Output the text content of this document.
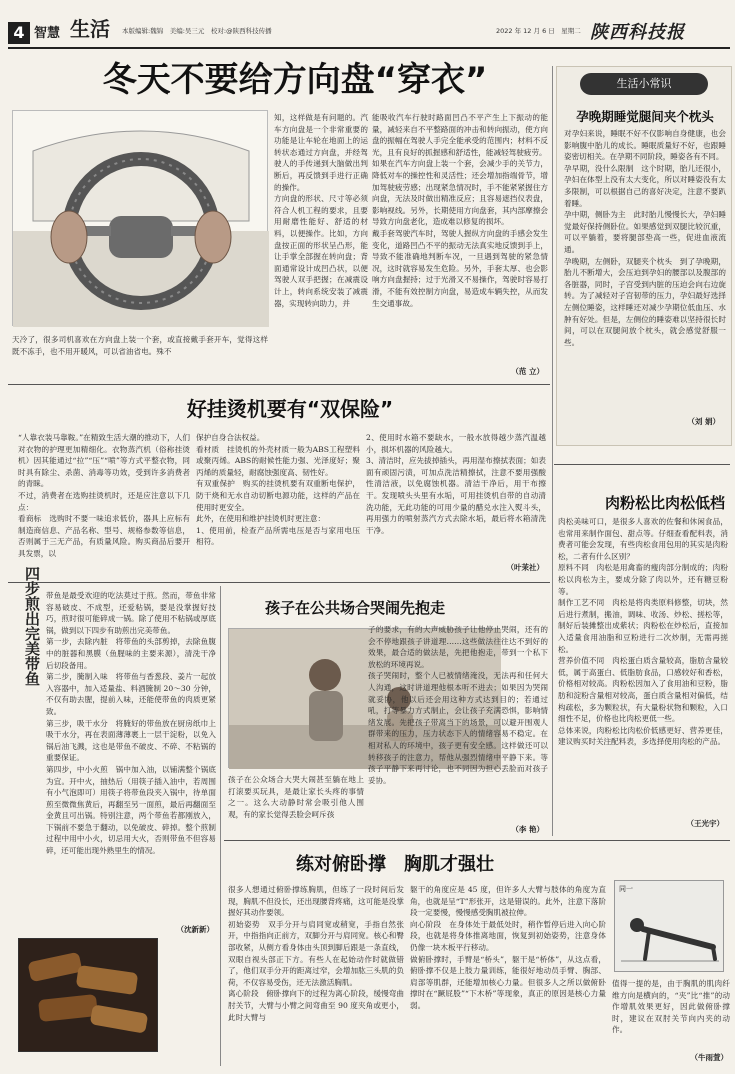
4 智慧 生活 本版编辑:魏锦　 美编:吴三元　 校对:@陕西科技传播	2022 年 12 月 6 日　 星期二 陕西科技报
冬天不要给方向盘“穿衣”
天冷了，很多司机喜欢在方向盘上装一个套，或直接戴手套开车，觉得这样既不冻手，也不用开暖风，可以省油省电。殊不
知，这样做是有问题的。汽车方向盘是一个非常重要的功能是让车轮在地面上的运转状态通过方向盘，并经驾驶人的手传递到大脑做出判断后，再反馈到手进行正确的操作。
方向盘的形状、尺寸等必须符合人机工程的要求，且要用耐磨性能好、舒适的材料，以便操作。比如，方向盘按正面的形状呈凸形，能让手掌全部握在转向盘；背面通常设计成凹凸状，以便驾驶人双手把握；在减震设计上，转向系统安装了减震器，实现转向助力，并
能吸收汽车行驶时路面凹凸不平产生上下振动的能量，减轻来自不平整路面的冲击和转向振动，使方向盘的振幅在驾驶人手完全能承受的范围内；材料不反光，且有良好的抓握感和舒适性，能减轻驾驶疲劳。
如果在汽车方向盘上装一个套，会减少手的关节力，降低对车的操控性和灵活性；还会增加指端骨节，增加驾驶疲劳感；出现紧急情况时，手不能紧紧握住方向盘，无法及时做出精准反应；且容易遮挡仪表盘，影响视线。另外，长期使用方向盘套，其内部摩擦会导致方向盘老化，造成难以修复的损坏。
戴手套驾驶汽车时，驾驶人握纵方向盘的手感会发生变化，道路凹凸不平的振动无法真实地反馈到手上，导致不能准确地判断车况，一旦遇到驾驶的紧急情况，这时就容易发生危险。另外，手套太厚、也会影响方向盘握持；过于光滑又不易操作，驾驶时容易打滑，不能有效控制方向盘，易造成车辆失控，从而发生交通事故。
（范 立）
生活小常识
孕晚期睡觉腿间夹个枕头
对孕妇来说，睡眠不好不仅影响自身健康，也会影响腹中胎儿的成长。睡眠质量好不好，也跟睡姿密切相关。在孕期不同阶段，睡姿各有不同。
孕早期，没什么限制　这个时期，胎儿还很小，孕妇在体型上没有太大变化，所以对睡姿没有太多限制，可以根据自己的喜好决定，注意不要趴着睡。
孕中期，侧卧为主　此时胎儿慢慢长大，孕妇睡觉最好保持侧卧位。如果感觉到双腿比较沉重，可以平躺着，要将腿部垫高一些，促进血液流通。
孕晚期，左侧卧，双腿夹个枕头　到了孕晚期，胎儿不断增大，会压迫到孕妇的腰部以及腹部的各脏器，同时，子宫受到内脏的压迫会向右边旋转。为了减轻对子宫韧带的压力，孕妇最好选择左侧位睡姿，这样睡还对减少孕期位低血压、水肿有好处。但是，左侧位的睡姿难以坚持很长时间，可以在双腿间放个枕头，就会感觉舒服一些。
（刘 娟）
好挂烫机要有“双保险”
“人靠衣装马靠鞍。”在精致生活大潮的推动下，人们对衣物的护理更加精细化。衣物蒸汽机（俗称挂烫机）因其能通过“拉”“压”“喷”等方式平整衣物，同时具有除尘、杀菌、消毒等功效，受到许多消费者的青睐。
不过，消费者在选购挂烫机时，还是应注意以下几点：
看商标　选购时不要一味追求低价，器具上应标有制造商信息、产品名称、型号、规格参数等信息，否则属于三无产品，有质量风险。购买商品后要开具发票，以
保护自身合法权益。
看材质　挂烫机的外壳材质一般为ABS工程塑料或聚丙烯。ABS的耐候性能力强、光泽度好；聚丙烯的质量轻，耐腐蚀强度高、韧性好。
有双重保护　购买的挂烫机要有双重断电保护，防干烧和无水自动切断电源功能，这样的产品在使用时更安全。
此外，在使用和维护挂烫机时更注意：
1、使用前，检查产品所需电压是否与家用电压相符。
2、使用时水箱不要缺水，一般水放得越少蒸汽温越小，损坏机器的风险越大。
3、清洁时，应先拔掉插头，再用湿布擦拭表面；如表面有顽固污渍，可加点洗洁精擦拭，注意不要用强酸性清洁液，以免腐蚀机器。清洁干净后，用干布擦干。发现喷头头里有水垢，可用挂烫机自带的自动清洗功能，无此功能的可用少量的醋兑水注入熨斗头，再用强力的喷射蒸汽方式去除水垢，最后将水箱清洗干净。
（叶茉社）
四步煎出完美带鱼 带鱼是最受欢迎的吃法莫过于煎。然而，带鱼非常容易破皮、不成型，还爱粘锅，要是没掌握好技巧，煎时很可能碎成一锅。除了使用不粘锅或厚底锅，做到以下四步有助煎出完美带鱼。
第一步，去除内脏　将带鱼的头部剪掉，去除鱼腹中的脏器和黑膜（鱼腥味的主要来源），清洗干净后切段备用。
第二步，腌制入味　将带鱼与香葱段、姜片一起放入容器中，加入适量盐、料酒腌制 20～30 分钟，不仅有助去腥，提前入味，还能使带鱼的肉质更紧致。
第三步，吸干水分　将腌好的带鱼放在厨房纸巾上吸干水分，再在表面薄薄裹上一层干淀粉，以免入锅后油飞溅，这也是带鱼不破皮、不碎、不粘锅的重要保证。
第四步，中小火煎　锅中加入油，以铺满整个锅底为宜。开中火，抽热后（用筷子插入油中，若周围有小气泡即可）用筷子将带鱼段夹入锅中，待单面煎至微微焦黄后，再翻至另一面煎，最后再翻面至金黄且可出锅。特别注意，两个带鱼若都刚放入，下锅前不要急于翻动，以免破皮、碎掉。整个煎制过程中用中小火，切忌用大火，否则带鱼不但容易碎，还可能出现外熟里生的情况。
（沈新新）
孩子在公共场合哭闹先抱走
孩子在公众场合大哭大闹甚至躺在地上打滚要买玩具，是最让家长头疼的事情之一。这么大动静时常会吸引他人围观，有的家长觉得丢脸会呵斥孩
子的要求，有的大声威胁孩子让他停止哭闹，还有的会不停地跟孩子讲道理……这些做法往往达不到好的效果，最合适的做法是，先把他抱走，带到一个私下放松的环境再说。
孩子哭闹时，整个人已被情绪淹没，无法再和任何大人沟通，这时讲道理他根本听不进去；如果因为哭闹就妥协，他以后还会用这种方式达到目的；若通过吼，打等暴力方式制止，会让孩子充满恐惧，影响情绪发展。先把孩子带离当下的场景，可以避开围观人群带来的压力，压力状态下人的情绪容易不稳定。在相对私人的环境中，孩子更有安全感。这样做还可以转移孩子的注意力，帮他从强烈情绪中平静下来。等孩子平静下来再讨论，也不同因为担心丢脸而对孩子妥协。
（李 艳）
肉粉松比肉松低档
肉松美味可口，是很多人喜欢的佐餐和休闲食品，也常用来制作面包、甜点等。仔细查看配料表，消费者可能会发现，有些肉松食用包用的其实是肉粉松，二者有什么区别？
原料不同　肉松是用禽畜的瘦肉部分制成的；肉粉松以肉松为主，要成分除了肉以外，还有糖豆粉等。
制作工艺不同　肉松是将肉类原料修整，切块，然后进行煮制，搬油，调味、收汤、炒松、搓松等，制好后装摊整出成紫状；肉粉松在炒松后，直接加入适量食用油脂和豆粉进行二次炒制，无需再搓松。
营养价值不同　肉松蛋白质含量较高，脂肪含量较低，属于高蛋白、低脂肪食品，口感较好和香松，价格相对较高。肉粉松因加入了食用油和豆粉，脂肪和淀粉含量相对较高，蛋白质含量相对偏低，结构疏松，多为颗粒状，有大量粉状物和颗粒，入口细性不足，价格也比肉松更低一些。
总体来说，肉粉松比肉松价低感更好、营养更佳，建议购买时关注配料表，多选择使用肉松的产品。
（王光宇）
练对俯卧撑　胸肌才强壮
很多人想通过俯卧撑练胸肌，但练了一段时间后发现，胸肌不但没长，还出现腰背疼痛，这可能是没掌握好其动作要领。
初始姿势　双手分开与肩同宽或稍宽，手指自然张开，中指指向正前方，双脚分开与肩同宽。核心和臀部收紧，从侧方看身体由头顶到脚后跟是一条直线，双眼自视头部正下方。有些人在起始动作时就做错了，他们双手分开的距离过窄，会增加肱三头肌的负荷，不仅容易受伤，还无法激活胸肌。
离心阶段　俯卧撑向下的过程为离心阶段，缓慢弯曲肘关节，大臂与小臂之间弯曲至 90 度夹角或更小，此时大臂与
躯干的角度应是 45 度，但许多人大臂与肢体的角度为直角，也就是呈“T”形张开，这是错误的。此外，注意下落阶段一定要慢，慢慢感受胸肌被拉伸。
向心阶段　在身体处于最低处时，稍作暂停后进入向心阶段，也就是将身体推离地面，恢复到初始姿势，注意身体仍像一块木板平行移动。
做俯卧撑时，手臂是“桥头”，躯干是“桥体”，从这点看，俯卧撑不仅是上肢力量训练，能很好地动员手臂、胸部、肩部等肌群，还能增加核心力量。但很多人之所以做俯卧撑时在“蹶屁股”“下木桥”等现象，真正的原因是核心力量弱。
同一
值得一提的是，由于胸肌的肌肉纤维方向是横向的，“夹”比“推”的动作增肌效果更好，因此做俯卧撑时，建议在双肘关节向内夹的动作。
（牛雨萱）
